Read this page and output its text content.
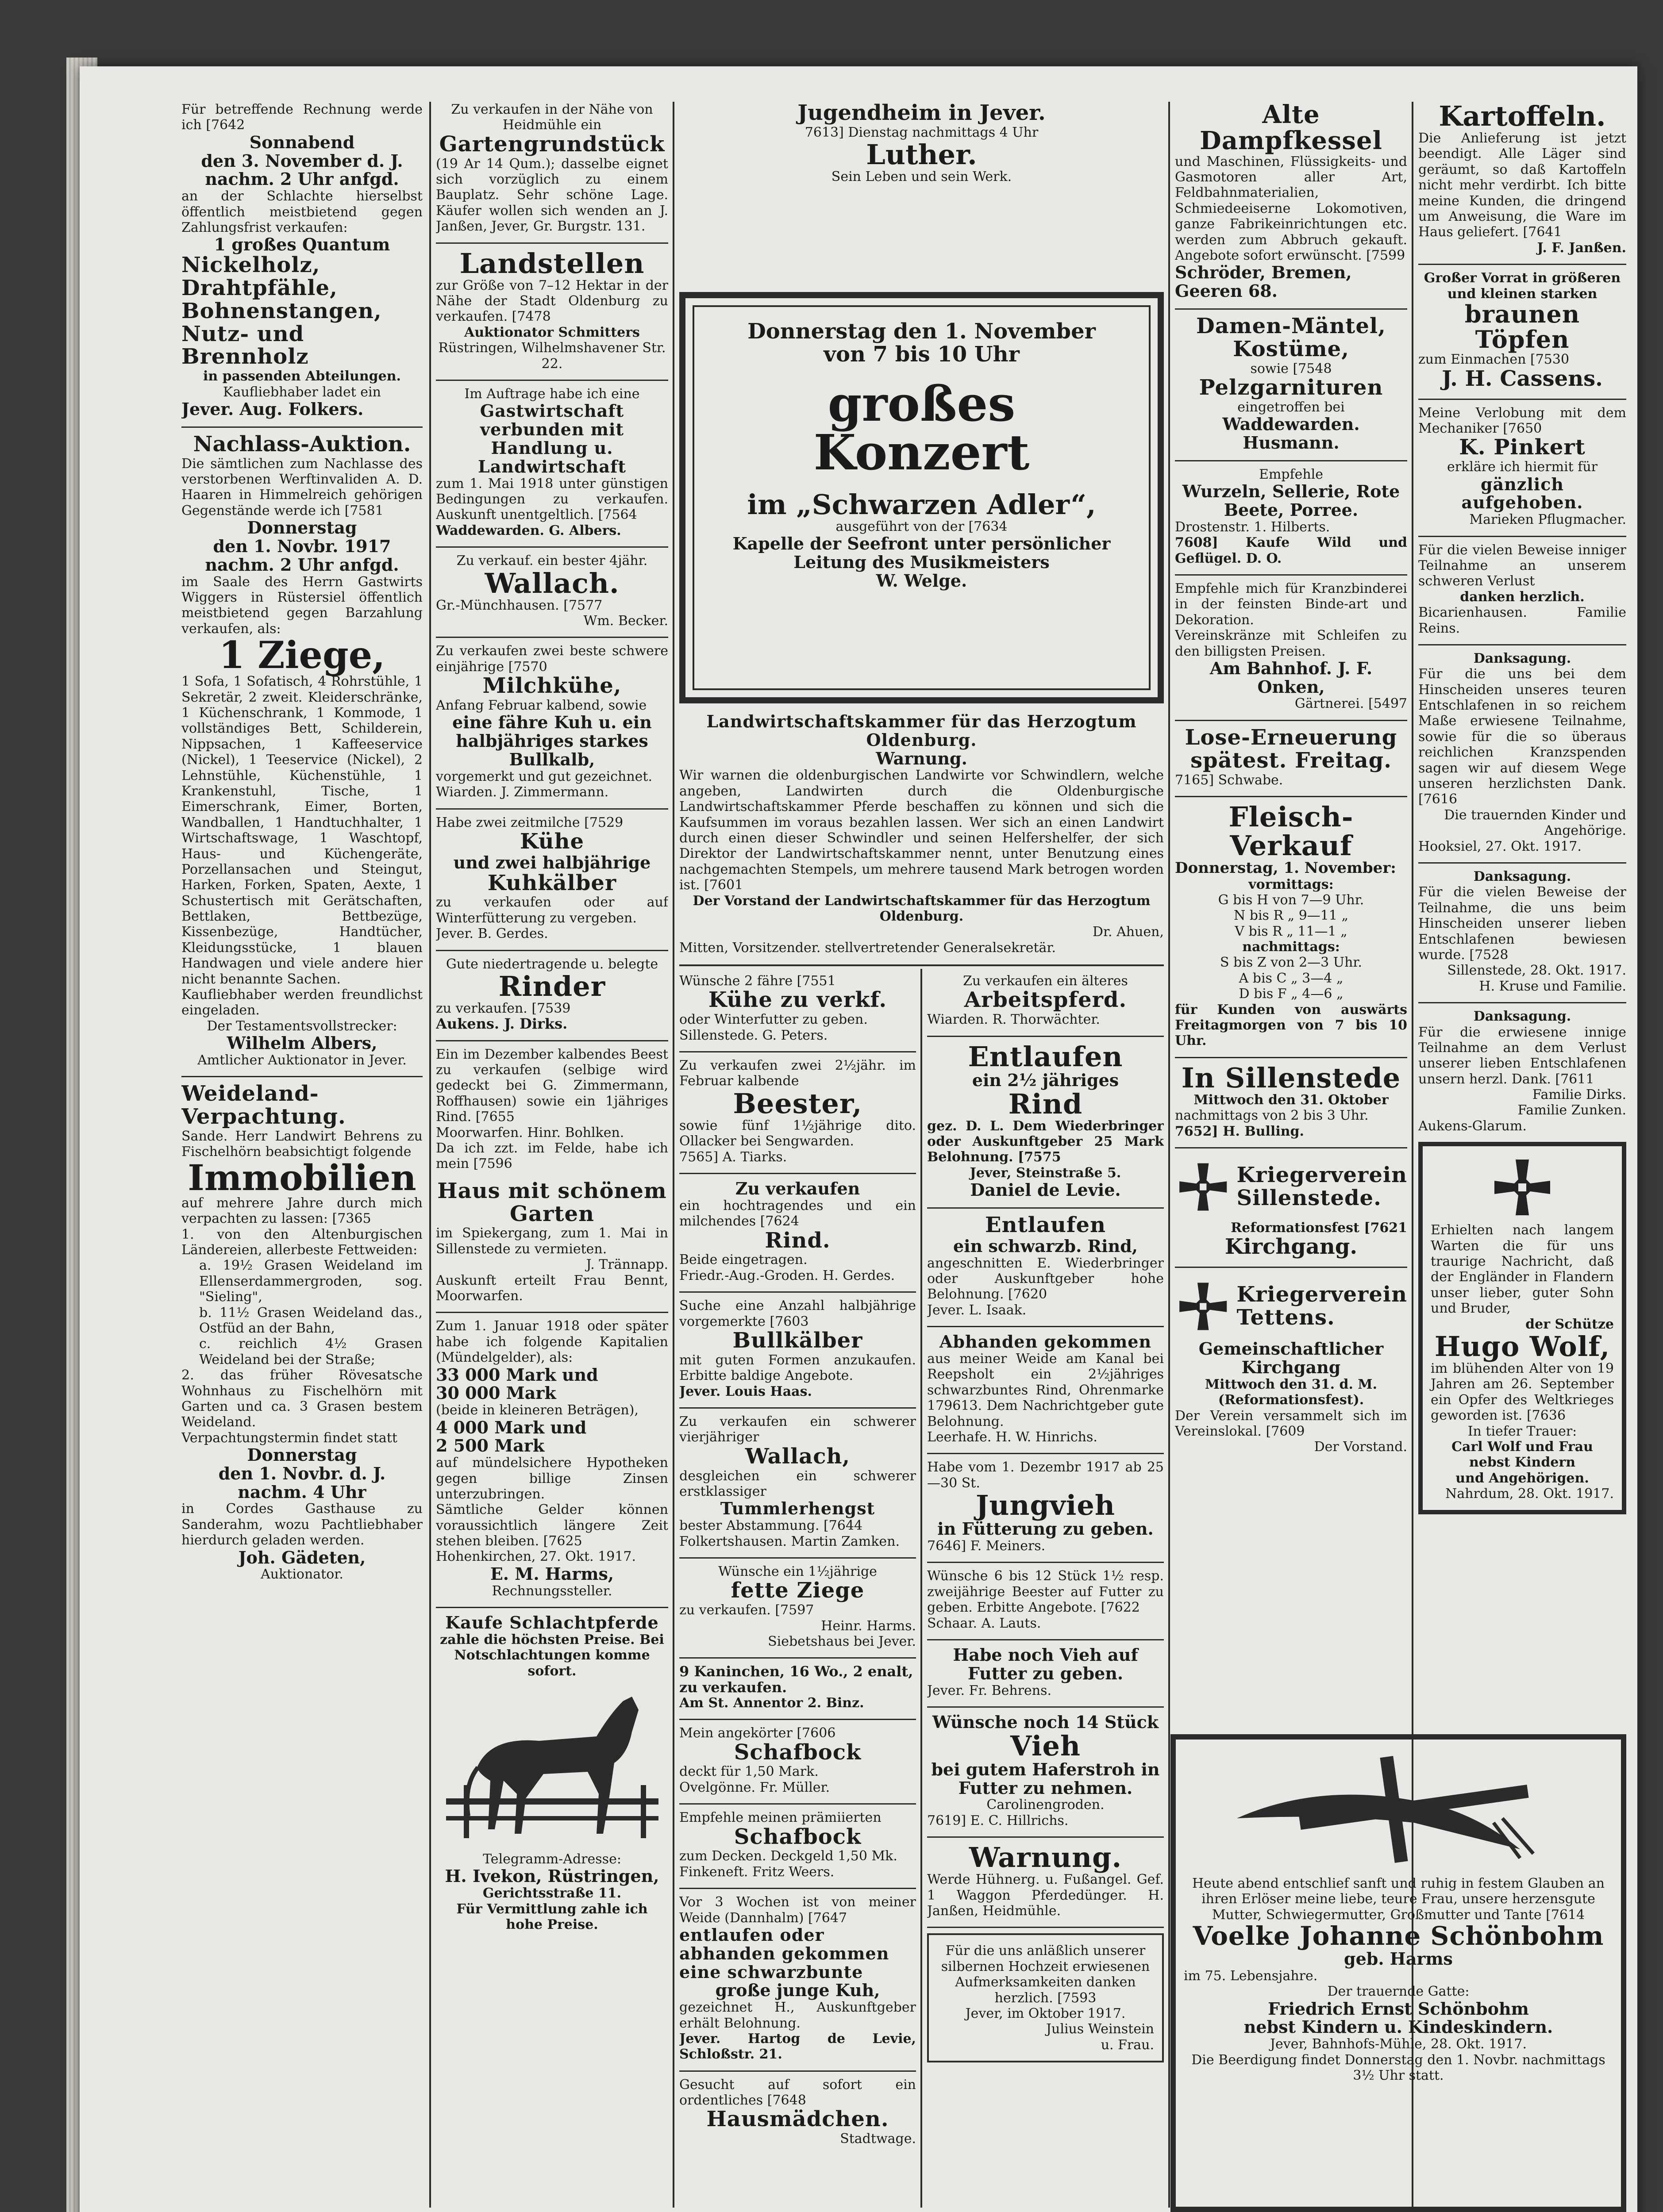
Für betreffende Rechnung werde ich [7642
Sonnabend
den 3. November d. J.
nachm. 2 Uhr anfgd.
an der Schlachte hierselbst öffentlich meistbietend gegen Zahlungsfrist verkaufen:
1 großes Quantum
Nickelholz,
Drahtpfähle,
Bohnenstangen,
Nutz- und
Brennholz
in passenden Abteilungen.
Kaufliebhaber ladet ein
Jever. Aug. Folkers.
Nachlass-Auktion.
Die sämtlichen zum Nachlasse des verstorbenen Werftinvaliden A. D. Haaren in Himmelreich gehörigen Gegenstände werde ich [7581
Donnerstag
den 1. Novbr. 1917
nachm. 2 Uhr anfgd.
im Saale des Herrn Gastwirts Wiggers in Rüstersiel öffentlich meistbietend gegen Barzahlung verkaufen, als:
1 Ziege,
1 Sofa, 1 Sofatisch, 4 Rohrstühle, 1 Sekretär, 2 zweit. Kleiderschränke, 1 Küchenschrank, 1 Kommode, 1 vollständiges Bett, Schilderein, Nippsachen, 1 Kaffeeservice (Nickel), 1 Teeservice (Nickel), 2 Lehnstühle, Küchenstühle, 1 Krankenstuhl, Tische, 1 Eimerschrank, Eimer, Borten, Wandballen, 1 Handtuchhalter, 1 Wirtschaftswage, 1 Waschtopf, Haus- und Küchengeräte, Porzellansachen und Steingut, Harken, Forken, Spaten, Aexte, 1 Schustertisch mit Gerätschaften, Bettlaken, Bettbezüge, Kissenbezüge, Handtücher, Kleidungsstücke, 1 blauen Handwagen und viele andere hier nicht benannte Sachen.
Kaufliebhaber werden freundlichst eingeladen.
Der Testamentsvollstrecker:
Wilhelm Albers,
Amtlicher Auktionator in Jever.
Weideland-
Verpachtung.
Sande. Herr Landwirt Behrens zu Fischelhörn beabsichtigt folgende
Immobilien
auf mehrere Jahre durch mich verpachten zu lassen: [7365
1. von den Altenburgischen Ländereien, allerbeste Fettweiden:
a. 19½ Grasen Weideland im Ellenserdammergroden, sog. "Sieling",
b. 11½ Grasen Weideland das., Ostfüd an der Bahn,
c. reichlich 4½ Grasen Weideland bei der Straße;
2. das früher Rövesatsche Wohnhaus zu Fischelhörn mit Garten und ca. 3 Grasen bestem Weideland.
Verpachtungstermin findet statt
Donnerstag
den 1. Novbr. d. J.
nachm. 4 Uhr
in Cordes Gasthause zu Sanderahm, wozu Pachtliebhaber hierdurch geladen werden.
Joh. Gädeten,
Auktionator.
Zu verkaufen in der Nähe von Heidmühle ein
Gartengrundstück
(19 Ar 14 Qum.); dasselbe eignet sich vorzüglich zu einem Bauplatz. Sehr schöne Lage. Käufer wollen sich wenden an J. Janßen, Jever, Gr. Burgstr. 131.
Landstellen
zur Größe von 7–12 Hektar in der Nähe der Stadt Oldenburg zu verkaufen. [7478
Auktionator Schmitters
Rüstringen, Wilhelmshavener Str. 22.
Im Auftrage habe ich eine
Gastwirtschaft verbunden mit Handlung u. Landwirtschaft
zum 1. Mai 1918 unter günstigen Bedingungen zu verkaufen. Auskunft unentgeltlich. [7564
Waddewarden. G. Albers.
Zu verkauf. ein bester 4jähr.
Wallach.
Gr.-Münchhausen. [7577
Wm. Becker.
Zu verkaufen zwei beste schwere einjährige [7570
Milchkühe,
Anfang Februar kalbend, sowie
eine fähre Kuh u. ein halbjähriges starkes
Bullkalb,
vorgemerkt und gut gezeichnet.
Wiarden. J. Zimmermann.
Habe zwei zeitmilche [7529
Kühe
und zwei halbjährige
Kuhkälber
zu verkaufen oder auf Winterfütterung zu vergeben.
Jever. B. Gerdes.
Gute niedertragende u. belegte
Rinder
zu verkaufen. [7539
Aukens. J. Dirks.
Ein im Dezember kalbendes Beest zu verkaufen (selbige wird gedeckt bei G. Zimmermann, Roffhausen) sowie ein 1jähriges Rind. [7655
Moorwarfen. Hinr. Bohlken.
Da ich zzt. im Felde, habe ich mein [7596
Haus mit schönem Garten
im Spiekergang, zum 1. Mai in Sillenstede zu vermieten.
J. Trännapp.
Auskunft erteilt Frau Bennt, Moorwarfen.
Zum 1. Januar 1918 oder später habe ich folgende Kapitalien (Mündelgelder), als:
33 000 Mark und
30 000 Mark
(beide in kleineren Beträgen),
4 000 Mark und
2 500 Mark
auf mündelsichere Hypotheken gegen billige Zinsen unterzubringen.
Sämtliche Gelder können voraussichtlich längere Zeit stehen bleiben. [7625
Hohenkirchen, 27. Okt. 1917.
E. M. Harms,
Rechnungssteller.
Kaufe Schlachtpferde
zahle die höchsten Preise. Bei Notschlachtungen komme sofort.
Telegramm-Adresse:
H. Ivekon, Rüstringen,
Gerichtsstraße 11.
Für Vermittlung zahle ich hohe Preise.
Jugendheim in Jever.
7613] Dienstag nachmittags 4 Uhr
Luther.
Sein Leben und sein Werk.
Donnerstag den 1. November
von 7 bis 10 Uhr
großes Konzert
im „Schwarzen Adler“,
ausgeführt von der [7634
Kapelle der Seefront unter persönlicher Leitung des Musikmeisters
W. Welge.
Landwirtschaftskammer für das Herzogtum Oldenburg.
Warnung.
Wir warnen die oldenburgischen Landwirte vor Schwindlern, welche angeben, Landwirten durch die Oldenburgische Landwirtschaftskammer Pferde beschaffen zu können und sich die Kaufsummen im voraus bezahlen lassen. Wer sich an einen Landwirt durch einen dieser Schwindler und seinen Helfershelfer, der sich Direktor der Landwirtschaftskammer nennt, unter Benutzung eines nachgemachten Stempels, um mehrere tausend Mark betrogen worden ist. [7601
Der Vorstand der Landwirtschaftskammer für das Herzogtum Oldenburg.
Dr. Ahuen,
Mitten, Vorsitzender. stellvertretender Generalsekretär.
Wünsche 2 fähre [7551
Kühe zu verkf.
oder Winterfutter zu geben.
Sillenstede. G. Peters.
Zu verkaufen zwei 2½jähr. im Februar kalbende
Beester,
sowie fünf 1½jährige dito. Ollacker bei Sengwarden.
7565] A. Tiarks.
Zu verkaufen
ein hochtragendes und ein milchendes [7624
Rind.
Beide eingetragen.
Friedr.-Aug.-Groden. H. Gerdes.
Suche eine Anzahl halbjährige vorgemerkte [7603
Bullkälber
mit guten Formen anzukaufen. Erbitte baldige Angebote.
Jever. Louis Haas.
Zu verkaufen ein schwerer vierjähriger
Wallach,
desgleichen ein schwerer erstklassiger
Tummlerhengst
bester Abstammung. [7644
Folkertshausen. Martin Zamken.
Wünsche ein 1½jährige
fette Ziege
zu verkaufen. [7597
Heinr. Harms.
Siebetshaus bei Jever.
9 Kaninchen, 16 Wo., 2 enalt, zu verkaufen.
Am St. Annentor 2. Binz.
Mein angekörter [7606
Schafbock
deckt für 1,50 Mark.
Ovelgönne. Fr. Müller.
Empfehle meinen prämiierten
Schafbock
zum Decken. Deckgeld 1,50 Mk.
Finkeneft. Fritz Weers.
Vor 3 Wochen ist von meiner Weide (Dannhalm) [7647
entlaufen oder abhanden gekommen eine schwarzbunte
große junge Kuh,
gezeichnet H., Auskunftgeber erhält Belohnung.
Jever. Hartog de Levie, Schloßstr. 21.
Gesucht auf sofort ein ordentliches [7648
Hausmädchen.
Stadtwage.
Zu verkaufen ein älteres
Arbeitspferd.
Wiarden. R. Thorwächter.
Entlaufen
ein 2½ jähriges
Rind
gez. D. L. Dem Wiederbringer oder Auskunftgeber 25 Mark Belohnung. [7575
Jever, Steinstraße 5.
Daniel de Levie.
Entlaufen
ein schwarzb. Rind,
angeschnitten E. Wiederbringer oder Auskunftgeber hohe Belohnung. [7620
Jever. L. Isaak.
Abhanden gekommen
aus meiner Weide am Kanal bei Reepsholt ein 2½jähriges schwarzbuntes Rind, Ohrenmarke 179613. Dem Nachrichtgeber gute Belohnung.
Leerhafe. H. W. Hinrichs.
Habe vom 1. Dezembr 1917 ab 25—30 St.
Jungvieh
in Fütterung zu geben.
7646] F. Meiners.
Wünsche 6 bis 12 Stück 1½ resp. zweijährige Beester auf Futter zu geben. Erbitte Angebote. [7622
Schaar. A. Lauts.
Habe noch Vieh auf Futter zu geben.
Jever. Fr. Behrens.
Wünsche noch 14 Stück
Vieh
bei gutem Haferstroh in Futter zu nehmen.
Carolinengroden.
7619] E. C. Hillrichs.
Warnung.
Werde Hühnerg. u. Fußangel. Gef. 1 Waggon Pferdedünger. H. Janßen, Heidmühle.
Für die uns anläßlich unserer silbernen Hochzeit erwiesenen Aufmerksamkeiten danken herzlich. [7593
Jever, im Oktober 1917.
Julius Weinstein
u. Frau.
Alte Dampfkessel
und Maschinen, Flüssigkeits- und Gasmotoren aller Art, Feldbahnmaterialien, Schmiedeeiserne Lokomotiven, ganze Fabrikeinrichtungen etc. werden zum Abbruch gekauft. Angebote sofort erwünscht. [7599
Schröder, Bremen, Geeren 68.
Damen-Mäntel,
Kostüme,
sowie [7548
Pelzgarnituren
eingetroffen bei
Waddewarden. Husmann.
Empfehle
Wurzeln, Sellerie, Rote Beete, Porree.
Drostenstr. 1. Hilberts.
7608] Kaufe Wild und Geflügel. D. O.
Empfehle mich für Kranzbinderei in der feinsten Binde-art und Dekoration.
Vereinskränze mit Schleifen zu den billigsten Preisen.
Am Bahnhof. J. F. Onken,
Gärtnerei. [5497
Lose-Erneuerung spätest. Freitag.
7165] Schwabe.
Fleisch-Verkauf
Donnerstag, 1. November:
vormittags:
G bis H von 7—9 Uhr.
N bis R „ 9—11 „
V bis R „ 11—1 „
nachmittags:
S bis Z von 2—3 Uhr.
A bis C „ 3—4 „
D bis F „ 4—6 „
für Kunden von auswärts Freitagmorgen von 7 bis 10 Uhr.
In Sillenstede
Mittwoch den 31. Oktober
nachmittags von 2 bis 3 Uhr.
7652] H. Bulling.
Kriegerverein Sillenstede.
Reformationsfest [7621
Kirchgang.
Kriegerverein Tettens.
Gemeinschaftlicher Kirchgang
Mittwoch den 31. d. M. (Reformationsfest).
Der Verein versammelt sich im Vereinslokal. [7609
Der Vorstand.
Kartoffeln.
Die Anlieferung ist jetzt beendigt. Alle Läger sind geräumt, so daß Kartoffeln nicht mehr verdirbt. Ich bitte meine Kunden, die dringend um Anweisung, die Ware im Haus geliefert. [7641
J. F. Janßen.
Großer Vorrat in größeren und kleinen starken
braunen Töpfen
zum Einmachen [7530
J. H. Cassens.
Meine Verlobung mit dem Mechaniker [7650
K. Pinkert
erkläre ich hiermit für
gänzlich aufgehoben.
Marieken Pflugmacher.
Für die vielen Beweise inniger Teilnahme an unserem schweren Verlust
danken herzlich.
Bicarienhausen. Familie Reins.
Danksagung.
Für die uns bei dem Hinscheiden unseres teuren Entschlafenen in so reichem Maße erwiesene Teilnahme, sowie für die so überaus reichlichen Kranzspenden sagen wir auf diesem Wege unseren herzlichsten Dank. [7616
Die trauernden Kinder und Angehörige.
Hooksiel, 27. Okt. 1917.
Danksagung.
Für die vielen Beweise der Teilnahme, die uns beim Hinscheiden unserer lieben Entschlafenen bewiesen wurde. [7528
Sillenstede, 28. Okt. 1917.
H. Kruse und Familie.
Danksagung.
Für die erwiesene innige Teilnahme an dem Verlust unserer lieben Entschlafenen unsern herzl. Dank. [7611
Familie Dirks.
Familie Zunken.
Aukens-Glarum.
Erhielten nach langem Warten die für uns traurige Nachricht, daß der Engländer in Flandern unser lieber, guter Sohn und Bruder,
der Schütze
Hugo Wolf,
im blühenden Alter von 19 Jahren am 26. September ein Opfer des Weltkrieges geworden ist. [7636
In tiefer Trauer:
Carl Wolf und Frau
nebst Kindern
und Angehörigen.
Nahrdum, 28. Okt. 1917.
Heute abend entschlief sanft und ruhig in festem Glauben an ihren Erlöser meine liebe, teure Frau, unsere herzensgute Mutter, Schwiegermutter, Großmutter und Tante [7614
Voelke Johanne Schönbohm
geb. Harms
im 75. Lebensjahre.
Der trauernde Gatte:
Friedrich Ernst Schönbohm
nebst Kindern u. Kindeskindern.
Jever, Bahnhofs-Mühle, 28. Okt. 1917.
Die Beerdigung findet Donnerstag den 1. Novbr. nachmittags 3½ Uhr statt.
